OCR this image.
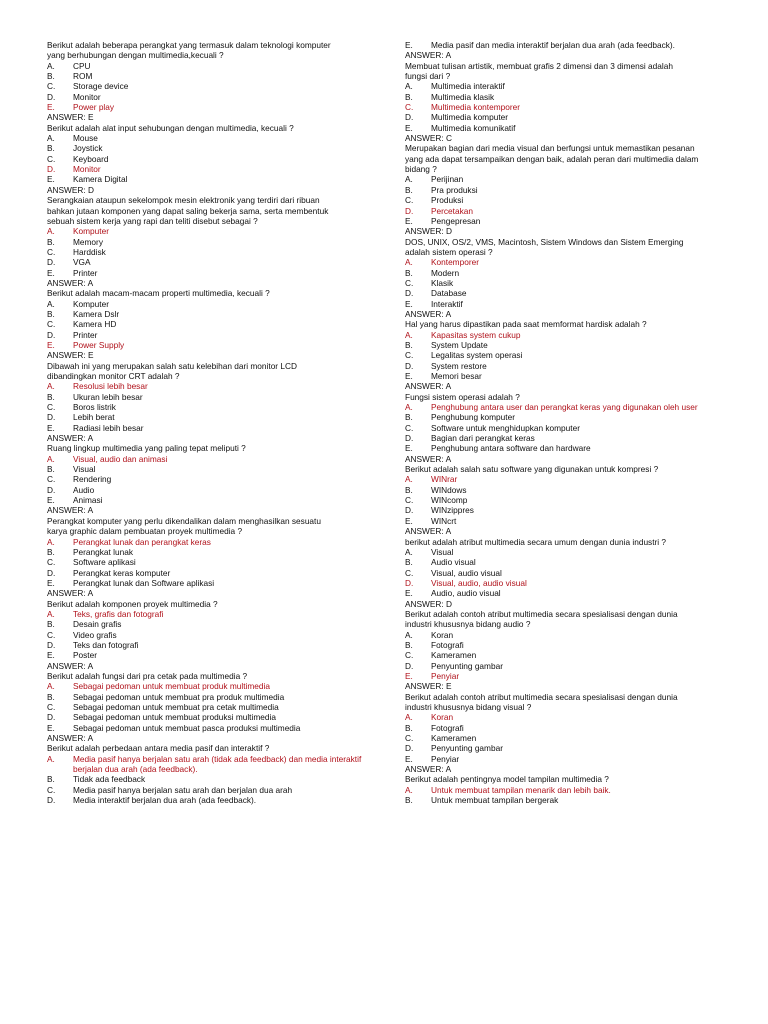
Berikut adalah beberapa perangkat yang termasuk dalam teknologi komputer
yang berhubungan dengan multimedia,kecuali ?
A.	CPU
B.	ROM
C.	Storage device
D.	Monitor
E.	Power play
ANSWER: E
Berikut adalah alat input sehubungan dengan multimedia, kecuali ?
A.	Mouse
B.	Joystick
C.	Keyboard
D.	Monitor
E.	Kamera Digital
ANSWER: D
Serangkaian ataupun sekelompok mesin elektronik yang terdiri dari ribuan
bahkan jutaan komponen yang dapat saling bekerja sama, serta membentuk
sebuah sistem kerja yang rapi dan teliti disebut sebagai ?
A.	Komputer
B.	Memory
C.	Harddisk
D.	VGA
E.	Printer
ANSWER: A
Berikut adalah macam-macam properti multimedia, kecuali ?
A.	Komputer
B.	Kamera Dslr
C.	Kamera HD
D.	Printer
E.	Power Supply
ANSWER: E
Dibawah ini yang merupakan salah satu kelebihan dari monitor LCD
dibandingkan monitor CRT adalah ?
A.	Resolusi lebih besar
B.	Ukuran lebih besar
C.	Boros listrik
D.	Lebih berat
E.	Radiasi lebih besar
ANSWER: A
Ruang lingkup multimedia yang paling tepat meliputi ?
A.	Visual, audio dan animasi
B.	Visual
C.	Rendering
D.	Audio
E.	Animasi
ANSWER: A
Perangkat komputer yang perlu dikendalikan dalam menghasilkan sesuatu
karya graphic dalam pembuatan proyek multimedia ?
A.	Perangkat lunak dan perangkat keras
B.	Perangkat lunak
C.	Software aplikasi
D.	Perangkat keras komputer
E.	Perangkat lunak dan Software aplikasi
ANSWER: A
Berikut adalah komponen proyek multimedia ?
A.	Teks, grafis dan fotografi
B.	Desain grafis
C.	Video grafis
D.	Teks dan fotografi
E.	Poster
ANSWER: A
Berikut adalah fungsi dari pra cetak pada multimedia ?
A.	Sebagai pedoman untuk membuat produk multimedia
B.	Sebagai pedoman untuk membuat pra produk multimedia
C.	Sebagai pedoman untuk membuat pra cetak multimedia
D.	Sebagai pedoman untuk membuat produksi multimedia
E.	Sebagai pedoman untuk membuat pasca produksi multimedia
ANSWER: A
Berikut adalah perbedaan antara media pasif dan interaktif ?
A.	Media pasif hanya berjalan satu arah (tidak ada feedback) dan media interaktif berjalan dua arah (ada feedback).
B.	Tidak ada feedback
C.	Media pasif hanya berjalan satu arah dan berjalan dua arah
D.	Media interaktif berjalan dua arah (ada feedback).
E.	Media pasif dan media interaktif berjalan dua arah (ada feedback).
ANSWER: A
Membuat tulisan artistik, membuat grafis 2 dimensi dan 3 dimensi adalah
fungsi dari ?
A.	Multimedia interaktif
B.	Multimedia klasik
C.	Multimedia kontemporer
D.	Multimedia komputer
E.	Multimedia komunikatif
ANSWER: C
Merupakan bagian dari media visual dan berfungsi untuk memastikan pesanan
yang ada dapat tersampaikan dengan baik, adalah peran dari multimedia dalam
bidang ?
A.	Perijinan
B.	Pra produksi
C.	Produksi
D.	Percetakan
E.	Pengepresan
ANSWER: D
DOS, UNIX, OS/2, VMS, Macintosh, Sistem Windows dan Sistem Emerging
adalah sistem operasi ?
A.	Kontemporer
B.	Modern
C.	Klasik
D.	Database
E.	Interaktif
ANSWER: A
Hal yang harus dipastikan pada saat memformat hardisk adalah ?
A.	Kapasitas system cukup
B.	System Update
C.	Legalitas system operasi
D.	System restore
E.	Memori besar
ANSWER: A
Fungsi sistem operasi adalah ?
A.	Penghubung antara user dan perangkat keras yang digunakan oleh user
B.	Penghubung komputer
C.	Software untuk menghidupkan komputer
D.	Bagian dari perangkat keras
E.	Penghubung antara software dan hardware
ANSWER: A
Berikut adalah salah satu software yang digunakan untuk kompresi ?
A.	WINrar
B.	WINdows
C.	WINcomp
D.	WINzippres
E.	WINcrt
ANSWER: A
berikut adalah atribut multimedia secara umum dengan dunia industri ?
A.	Visual
B.	Audio visual
C.	Visual, audio visual
D.	Visual, audio, audio visual
E.	Audio, audio visual
ANSWER: D
Berikut adalah contoh atribut multimedia secara spesialisasi dengan dunia
industri khususnya bidang audio ?
A.	Koran
B.	Fotografi
C.	Kameramen
D.	Penyunting gambar
E.	Penyiar
ANSWER: E
Berikut adalah contoh atribut multimedia secara spesialisasi dengan dunia
industri khususnya bidang visual ?
A.	Koran
B.	Fotografi
C.	Kameramen
D.	Penyunting gambar
E.	Penyiar
ANSWER: A
Berikut adalah pentingnya model tampilan multimedia ?
A.	Untuk membuat tampilan menarik dan lebih baik.
B.	Untuk membuat tampilan bergerak
